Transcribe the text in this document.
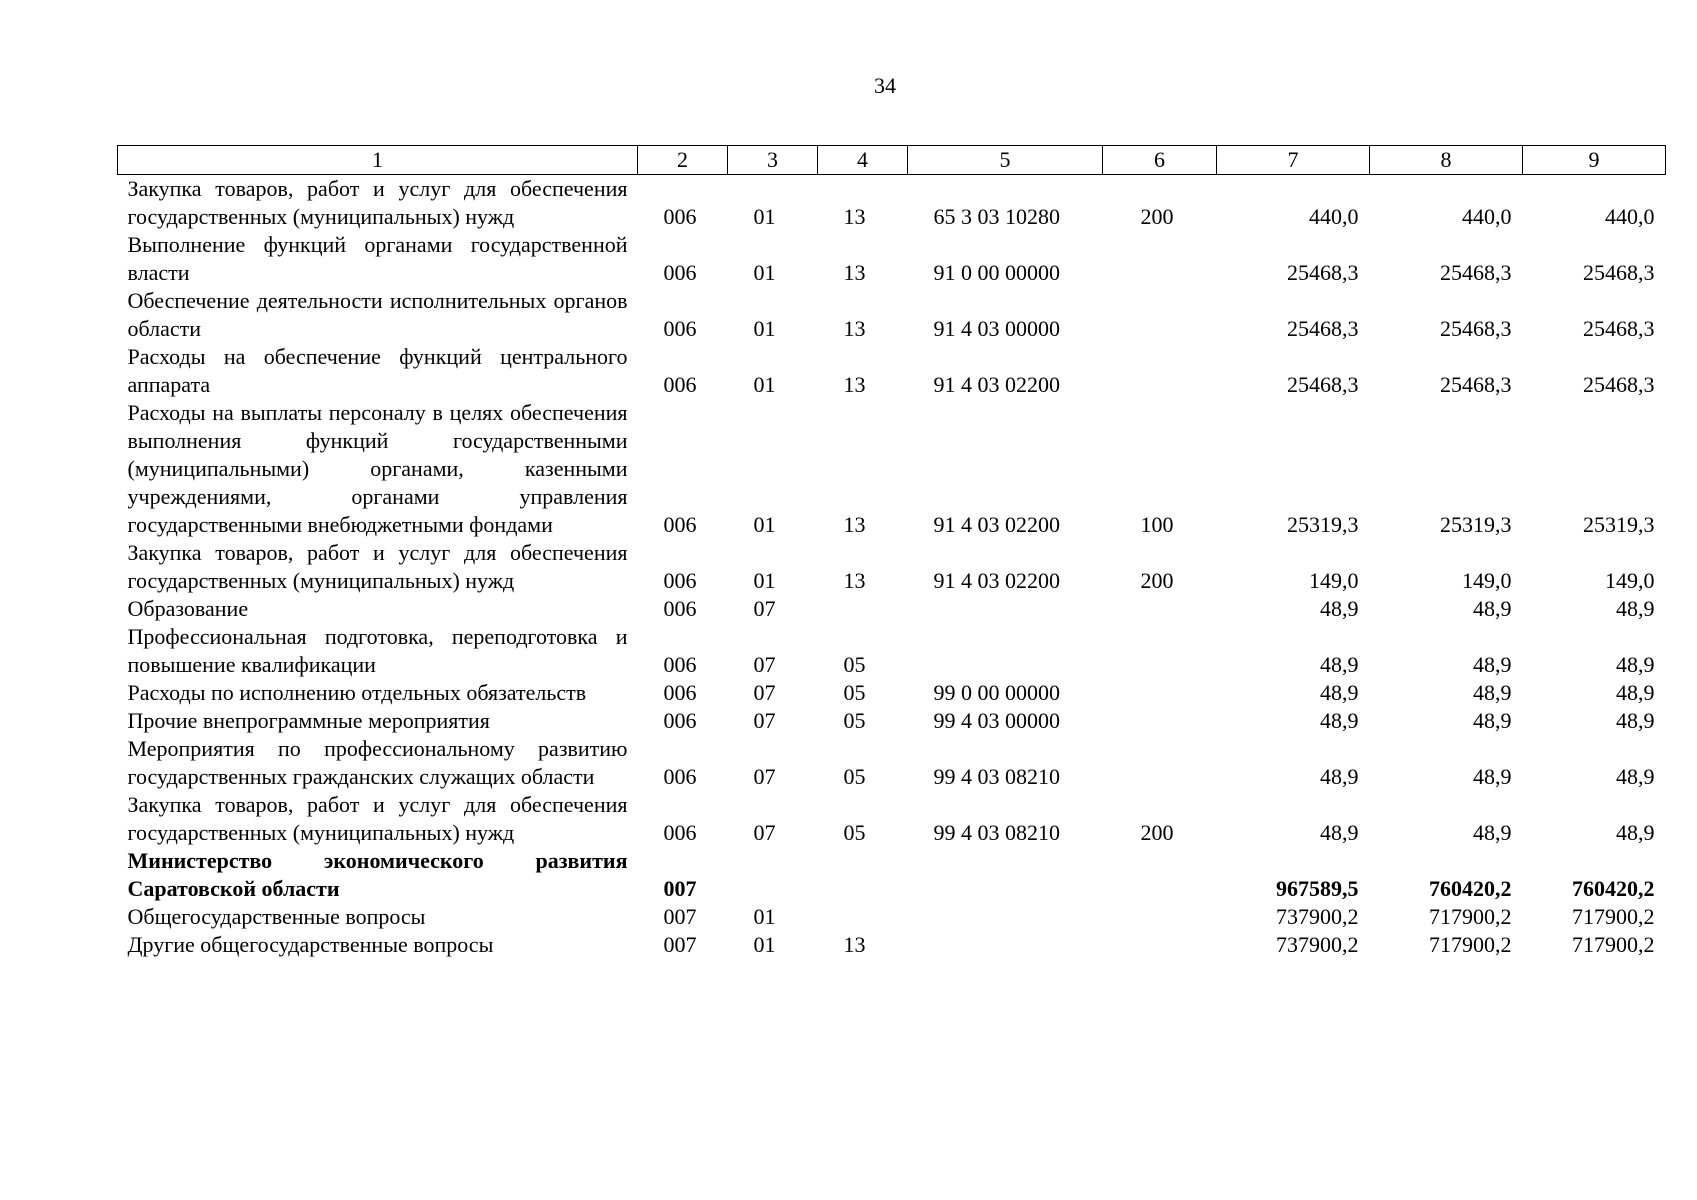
34
1	2	3	4	5	6	7	8	9
Закупка товаров, работ и услуг для обеспечения государственных (муниципальных) нужд	006	01	13	65 3 03 10280	200	440,0	440,0	440,0
Выполнение функций органами государственной власти	006	01	13	91 0 00 00000		25468,3	25468,3	25468,3
Обеспечение деятельности исполнительных органов области	006	01	13	91 4 03 00000		25468,3	25468,3	25468,3
Расходы на обеспечение функций центрального аппарата	006	01	13	91 4 03 02200		25468,3	25468,3	25468,3
Расходы на выплаты персоналу в целях обеспечения выполнения функций государственными (муниципальными) органами, казенными учреждениями, органами управления государственными внебюджетными фондами	006	01	13	91 4 03 02200	100	25319,3	25319,3	25319,3
Закупка товаров, работ и услуг для обеспечения государственных (муниципальных) нужд	006	01	13	91 4 03 02200	200	149,0	149,0	149,0
Образование	006	07				48,9	48,9	48,9
Профессиональная подготовка, переподготовка и повышение квалификации	006	07	05			48,9	48,9	48,9
Расходы по исполнению отдельных обязательств	006	07	05	99 0 00 00000		48,9	48,9	48,9
Прочие внепрограммные мероприятия	006	07	05	99 4 03 00000		48,9	48,9	48,9
Мероприятия по профессиональному развитию государственных гражданских служащих области	006	07	05	99 4 03 08210		48,9	48,9	48,9
Закупка товаров, работ и услуг для обеспечения государственных (муниципальных) нужд	006	07	05	99 4 03 08210	200	48,9	48,9	48,9
Министерство экономического развития Саратовской области	007					967589,5	760420,2	760420,2
Общегосударственные вопросы	007	01				737900,2	717900,2	717900,2
Другие общегосударственные вопросы	007	01	13			737900,2	717900,2	717900,2
